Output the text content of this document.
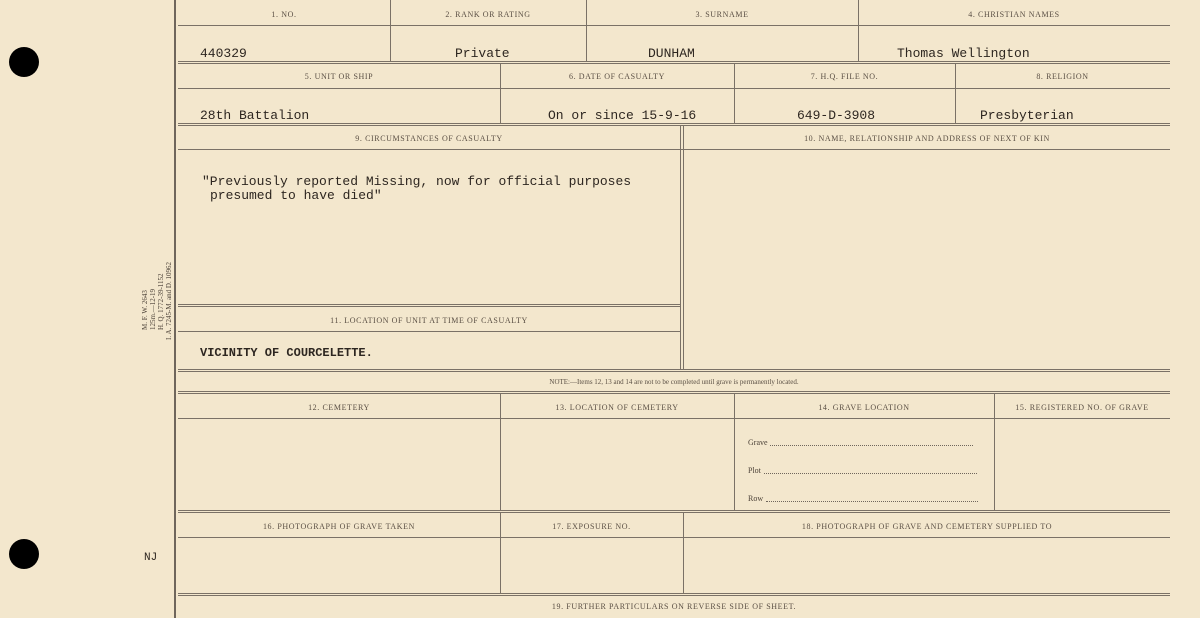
M. F. W. 2643 125m.—12-19 H. Q. 1772-39-1152 I. A. 7245-M. and D. 10962
NJ
1. NO.	2. RANK OR RATING	3. SURNAME	4. CHRISTIAN NAMES
440329	Private	DUNHAM	Thomas Wellington
5. UNIT OR SHIP	6. DATE OF CASUALTY	7. H.Q. FILE NO.	8. RELIGION
28th Battalion	On or since 15-9-16	649-D-3908	Presbyterian
9. CIRCUMSTANCES OF CASUALTY	10. NAME, RELATIONSHIP AND ADDRESS OF NEXT OF KIN
"Previously reported Missing, now for official purposes
presumed to have died"
11. LOCATION OF UNIT AT TIME OF CASUALTY
VICINITY OF COURCELETTE.
NOTE:—Items 12, 13 and 14 are not to be completed until grave is permanently located.
12. CEMETERY	13. LOCATION OF CEMETERY	14. GRAVE LOCATION	15. REGISTERED NO. OF GRAVE
Grave
Plot
Row
16. PHOTOGRAPH OF GRAVE TAKEN	17. EXPOSURE NO.	18. PHOTOGRAPH OF GRAVE AND CEMETERY SUPPLIED TO
19. FURTHER PARTICULARS ON REVERSE SIDE OF SHEET.
